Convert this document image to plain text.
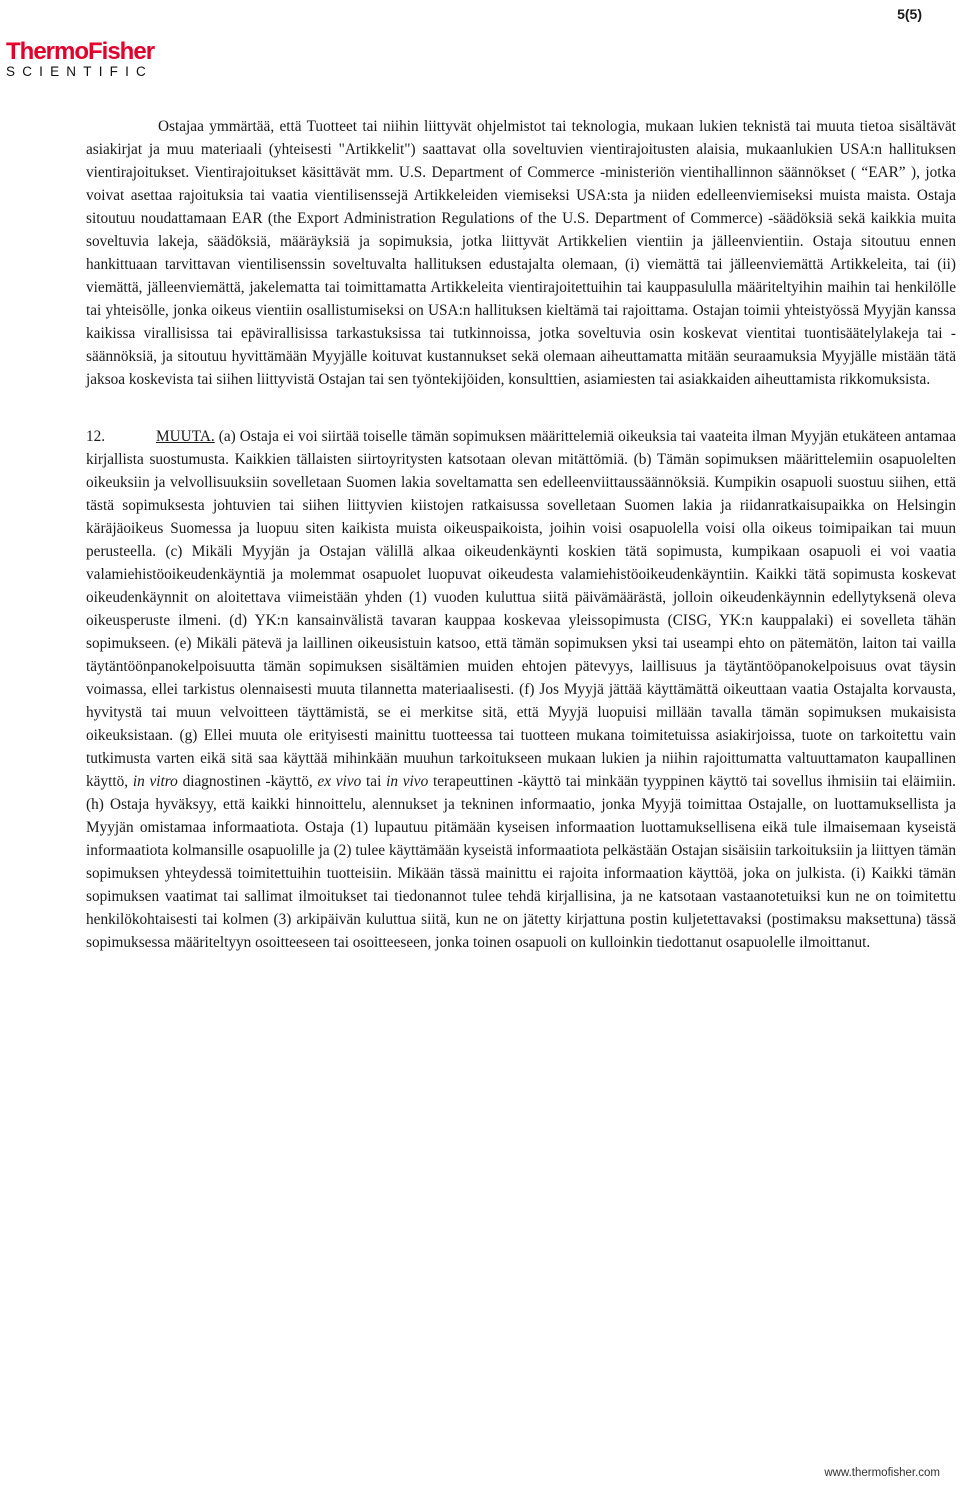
5(5)
ThermoFisher
SCIENTIFIC

Ostajaa ymmärtää, että Tuotteet tai niihin liittyvät ohjelmistot tai teknologia, mukaan lukien teknistä tai muuta tietoa sisältävät asiakirjat ja muu materiaali (yhteisesti "Artikkelit") saattavat olla soveltuvien vientirajoitusten alaisia, mukaanlukien USA:n hallituksen vientirajoitukset. Vientirajoitukset käsittävät mm. U.S. Department of Commerce -ministeriön vientihallinnon säännökset ( “EAR” ), jotka voivat asettaa rajoituksia tai vaatia vientilisenssejä Artikkeleiden viemiseksi USA:sta ja niiden edelleenviemiseksi muista maista. Ostaja sitoutuu noudattamaan EAR (the Export Administration Regulations of the U.S. Department of Commerce) -säädöksiä sekä kaikkia muita soveltuvia lakeja, säädöksiä, määräyksiä ja sopimuksia, jotka liittyvät Artikkelien vientiin ja jälleenvientiin. Ostaja sitoutuu ennen hankittuaan tarvittavan vientilisenssin soveltuvalta hallituksen edustajalta olemaan, (i) viemättä tai jälleenviemättä Artikkeleita, tai (ii) viemättä, jälleenviemättä, jakelematta tai toimittamatta Artikkeleita vientirajoitettuihin tai kauppasululla määriteltyihin maihin tai henkilölle tai yhteisölle, jonka oikeus vientiin osallistumiseksi on USA:n hallituksen kieltämä tai rajoittama. Ostajan toimii yhteistyössä Myyjän kanssa kaikissa virallisissa tai epävirallisissa tarkastuksissa tai tutkinnoissa, jotka soveltuvia osin koskevat vientitai tuontisäätelylakeja tai -säännöksiä, ja sitoutuu hyvittämään Myyjälle koituvat kustannukset sekä olemaan aiheuttamatta mitään seuraamuksia Myyjälle mistään tätä jaksoa koskevista tai siihen liittyvistä Ostajan tai sen työntekijöiden, konsulttien, asiamiesten tai asiakkaiden aiheuttamista rikkomuksista.

12.	MUUTA. (a) Ostaja ei voi siirtää toiselle tämän sopimuksen määrittelemiä oikeuksia tai vaateita ilman Myyjän etukäteen antamaa kirjallista suostumusta. Kaikkien tällaisten siirtoyritysten katsotaan olevan mitättömiä. (b) Tämän sopimuksen määrittelemiin osapuolelten oikeuksiin ja velvollisuuksiin sovelletaan Suomen lakia soveltamatta sen edelleenviittaussäännöksiä. Kumpikin osapuoli suostuu siihen, että tästä sopimuksesta johtuvien tai siihen liittyvien kiistojen ratkaisussa sovelletaan Suomen lakia ja riidanratkaisupaikka on Helsingin käräjäoikeus Suomessa ja luopuu siten kaikista muista oikeuspaikoista, joihin voisi osapuolella voisi olla oikeus toimipaikan tai muun perusteella. (c) Mikäli Myyjän ja Ostajan välillä alkaa oikeudenkäynti koskien tätä sopimusta, kumpikaan osapuoli ei voi vaatia valamiehistöoikeudenkäyntiä ja molemmat osapuolet luopuvat oikeudesta valamiehistöoikeudenkäyntiin. Kaikki tätä sopimusta koskevat oikeudenkäynnit on aloitettava viimeistään yhden (1) vuoden kuluttua siitä päivämäärästä, jolloin oikeudenkäynnin edellytyksenä oleva oikeusperuste ilmeni. (d) YK:n kansainvälistä tavaran kauppaa koskevaa yleissopimusta (CISG, YK:n kauppalaki) ei sovelleta tähän sopimukseen. (e) Mikäli pätevä ja laillinen oikeusistuin katsoo, että tämän sopimuksen yksi tai useampi ehto on pätemätön, laiton tai vailla täytäntöönpanokelpoisuutta tämän sopimuksen sisältämien muiden ehtojen pätevyys, laillisuus ja täytäntööpanokelpoisuus ovat täysin voimassa, ellei tarkistus olennaisesti muuta tilannetta materiaalisesti. (f) Jos Myyjä jättää käyttämättä oikeuttaan vaatia Ostajalta korvausta, hyvitystä tai muun velvoitteen täyttämistä, se ei merkitse sitä, että Myyjä luopuisi millään tavalla tämän sopimuksen mukaisista oikeuksistaan. (g) Ellei muuta ole erityisesti mainittu tuotteessa tai tuotteen mukana toimitetuissa asiakirjoissa, tuote on tarkoitettu vain tutkimusta varten eikä sitä saa käyttää mihinkään muuhun tarkoitukseen mukaan lukien ja niihin rajoittumatta valtuuttamaton kaupallinen käyttö, in vitro diagnostinen -käyttö, ex vivo tai in vivo terapeuttinen -käyttö tai minkään tyyppinen käyttö tai sovellus ihmisiin tai eläimiin. (h) Ostaja hyväksyy, että kaikki hinnoittelu, alennukset ja tekninen informaatio, jonka Myyjä toimittaa Ostajalle, on luottamuksellista ja Myyjän omistamaa informaatiota. Ostaja (1) lupautuu pitämään kyseisen informaation luottamuksellisena eikä tule ilmaisemaan kyseistä informaatiota kolmansille osapuolille ja (2) tulee käyttämään kyseistä informaatiota pelkästään Ostajan sisäisiin tarkoituksiin ja liittyen tämän sopimuksen yhteydessä toimitettuihin tuotteisiin. Mikään tässä mainittu ei rajoita informaation käyttöä, joka on julkista. (i) Kaikki tämän sopimuksen vaatimat tai sallimat ilmoitukset tai tiedonannot tulee tehdä kirjallisina, ja ne katsotaan vastaanotetuiksi kun ne on toimitettu henkilökohtaisesti tai kolmen (3) arkipäivän kuluttua siitä, kun ne on jätetty kirjattuna postin kuljetettavaksi (postimaksu maksettuna) tässä sopimuksessa määriteltyyn osoitteeseen tai osoitteeseen, jonka toinen osapuoli on kulloinkin tiedottanut osapuolelle ilmoittanut.

www.thermofisher.com
